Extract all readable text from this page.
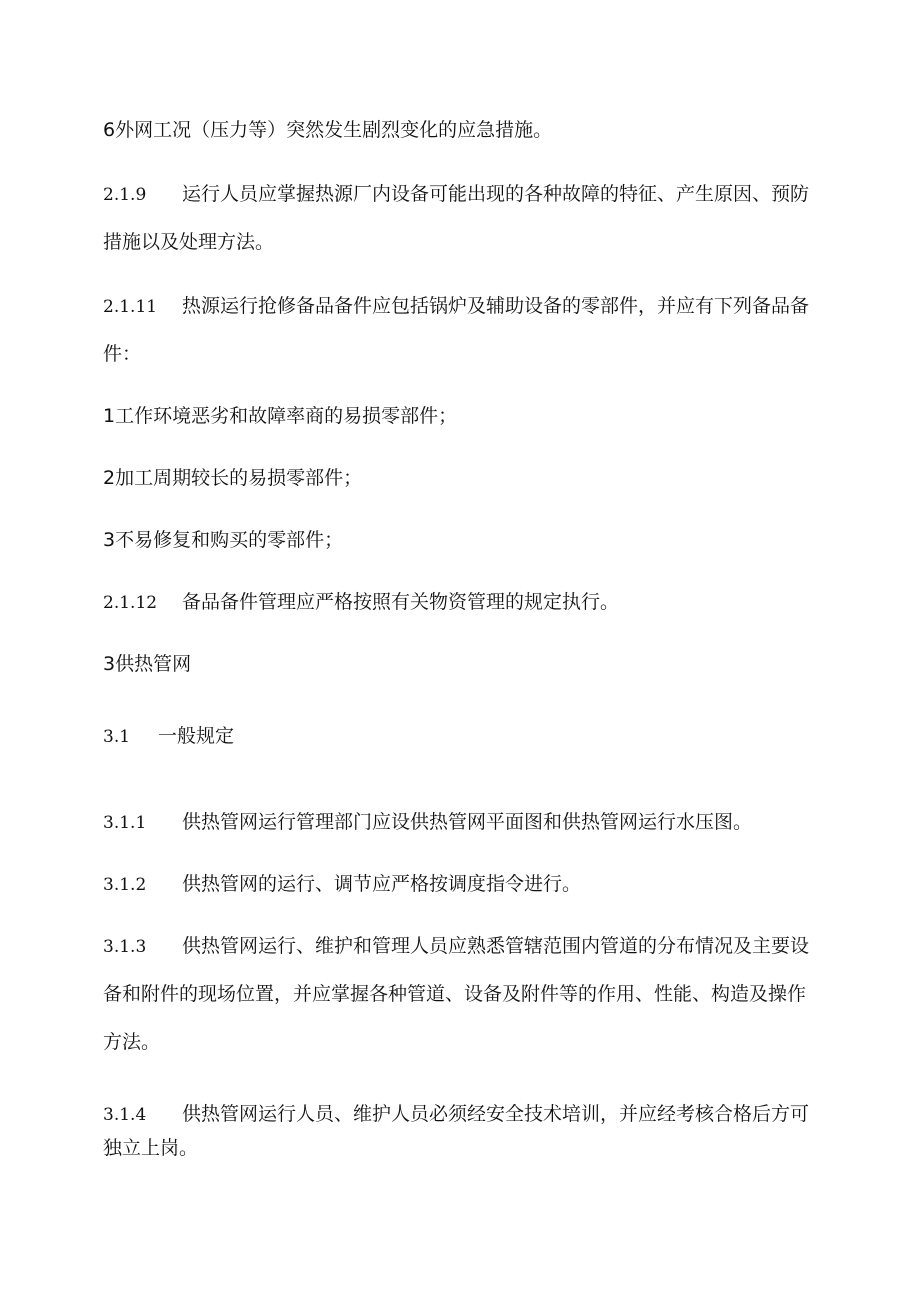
6外网工况（压力等）突然发生剧烈变化的应急措施。
2.1.9 运行人员应掌握热源厂内设备可能出现的各种故障的特征、产生原因、预防
措施以及处理方法。
2.1.11 热源运行抢修备品备件应包括锅炉及辅助设备的零部件，并应有下列备品备
件：
1工作环境恶劣和故障率商的易损零部件；
2加工周期较长的易损零部件；
3不易修复和购买的零部件；
2.1.12 备品备件管理应严格按照有关物资管理的规定执行。
3供热管网
3.1 一般规定
3.1.1 供热管网运行管理部门应设供热管网平面图和供热管网运行水压图。
3.1.2 供热管网的运行、调节应严格按调度指令进行。
3.1.3 供热管网运行、维护和管理人员应熟悉管辖范围内管道的分布情况及主要设
备和附件的现场位置，并应掌握各种管道、设备及附件等的作用、性能、构造及操作
方法。
3.1.4 供热管网运行人员、维护人员必须经安全技术培训，并应经考核合格后方可
独立上岗。
